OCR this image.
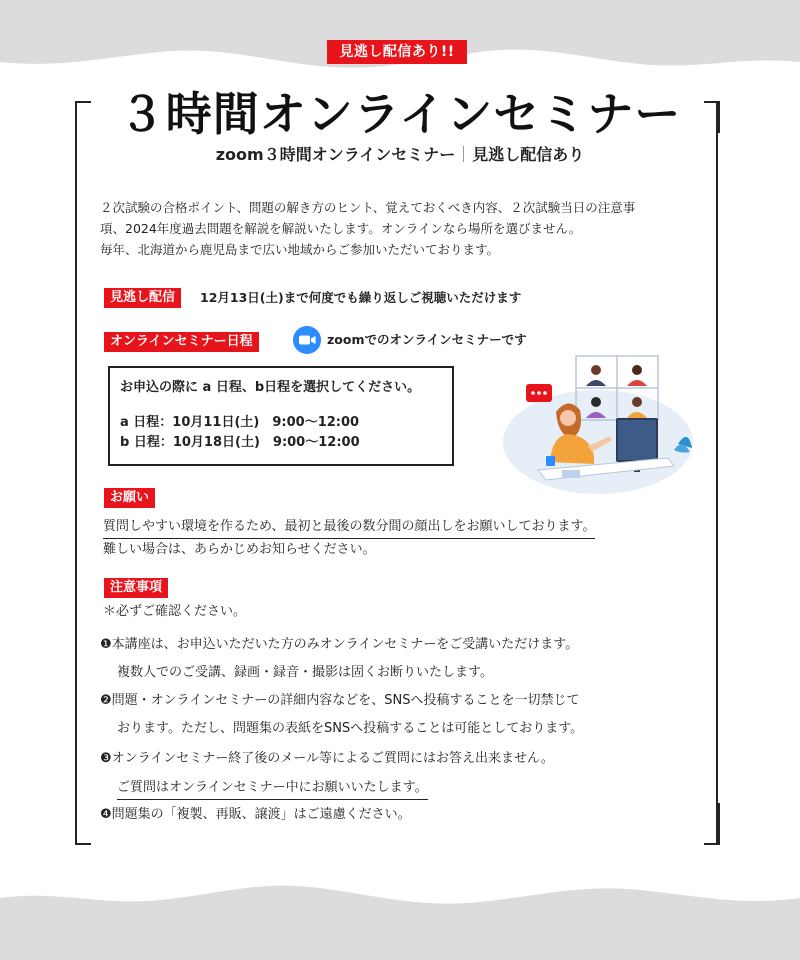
見逃し配信あり!!
３時間オンラインセミナー
zoom３時間オンラインセミナー 見逃し配信あり

２次試験の合格ポイント、問題の解き方のヒント、覚えておくべき内容、２次試験当日の注意事

項、2024年度過去問題を解説を解説いたします。オンラインなら場所を選びません。

毎年、北海道から鹿児島まで広い地域からご参加いただいております。

見逃し配信	12月13日(土)まで何度でも繰り返しご視聴いただけます
オンラインセミナー日程	zoomでのオンラインセミナーです
お申込の際に a 日程、b日程を選択してください。
a 日程：10月11日(土)　9:00～12:00
b 日程：10月18日(土)　9:00～12:00
お願い
質問しやすい環境を作るため、最初と最後の数分間の顔出しをお願いしております。
難しい場合は、あらかじめお知らせください。
注意事項
＊必ずご確認ください。
❶本講座は、お申込いただいた方のみオンラインセミナーをご受講いただけます。
複数人でのご受講、録画・録音・撮影は固くお断りいたします。
❷問題・オンラインセミナーの詳細内容などを、SNSへ投稿することを一切禁じて
おります。ただし、問題集の表紙をSNSへ投稿することは可能としております。
❸オンラインセミナー終了後のメール等によるご質問にはお答え出来ません。
ご質問はオンラインセミナー中にお願いいたします。
❹問題集の「複製、再販、譲渡」はご遠慮ください。
